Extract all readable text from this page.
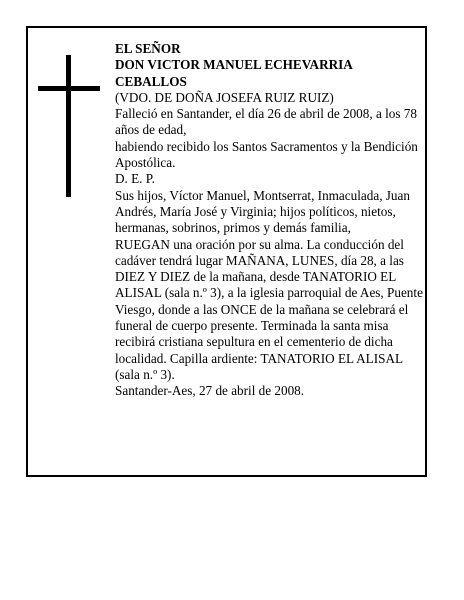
EL SEÑOR

DON VICTOR MANUEL ECHEVARRIA CEBALLOS

(VDO. DE DOÑA JOSEFA RUIZ RUIZ)

Falleció en Santander, el día 26 de abril de 2008, a los 78 años de edad,

habiendo recibido los Santos Sacramentos y la Bendición Apostólica.

D. E. P.

Sus hijos, Víctor Manuel, Montserrat, Inmaculada, Juan Andrés, María José y Virginia; hijos políticos, nietos, hermanas, sobrinos, primos y demás familia,

RUEGAN una oración por su alma. La conducción del cadáver tendrá lugar MAÑANA, LUNES, día 28, a las DIEZ Y DIEZ de la mañana, desde TANATORIO EL ALISAL (sala n.º 3), a la iglesia parroquial de Aes, Puente

Viesgo, donde a las ONCE de la mañana se celebrará el funeral de cuerpo presente. Terminada la santa misa recibirá cristiana sepultura en el cementerio de dicha localidad. Capilla ardiente: TANATORIO EL ALISAL (sala n.º 3).

Santander-Aes, 27 de abril de 2008.
